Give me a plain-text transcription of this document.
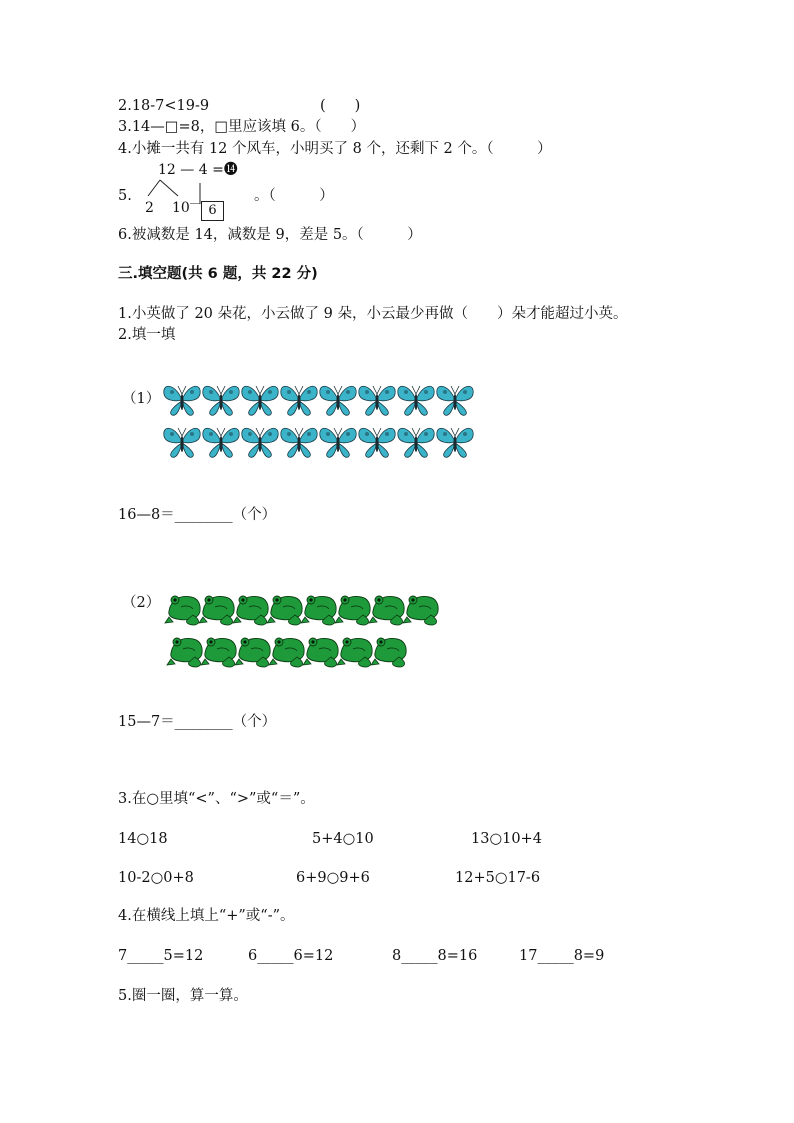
2.18-7<19-9	(　　)
3.14—□=8，□里应该填 6。（　　）
4.小摊一共有 12 个风车，小明买了 8 个，还剩下 2 个。（　　　）
12 — 4 =⓮
5.
2 10	6
。（　　　）
6.被减数是 14，减数是 9，差是 5。（　　　）
三.填空题(共 6 题，共 22 分)
1.小英做了 20 朵花，小云做了 9 朵，小云最少再做（　　）朵才能超过小英。
2.填一填
（1）
16—8＝________（个）
（2）
15—7＝________（个）
3.在○里填“<”、“>”或“＝”。
14○18	5+4○10	13○10+4
10-2○0+8	6+9○9+6	12+5○17-6
4.在横线上填上“+”或“-”。
7_____5=12	6_____6=12	8_____8=16	17_____8=9
5.圈一圈，算一算。
